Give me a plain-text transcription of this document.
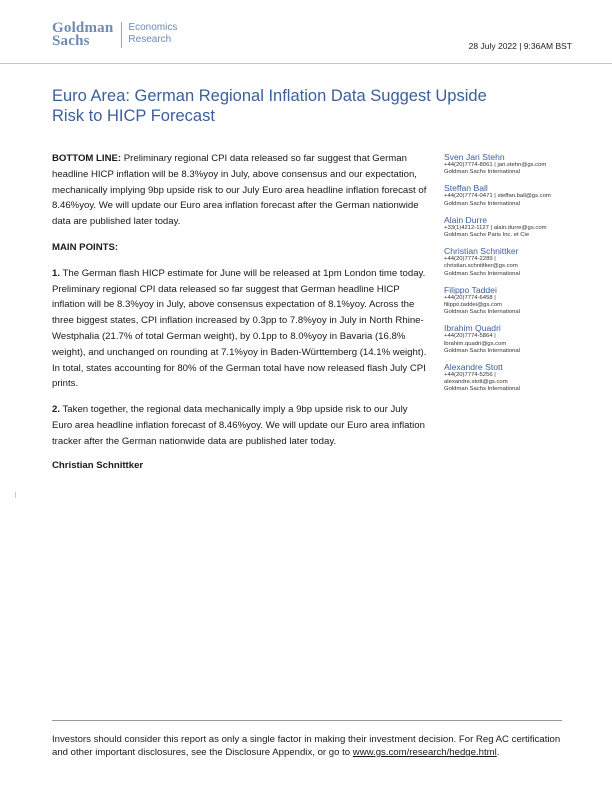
Goldman
Sachs
Economics
Research
28 July 2022 | 9:36AM BST
Euro Area: German Regional Inflation Data Suggest Upside Risk to HICP Forecast

BOTTOM LINE: Preliminary regional CPI data released so far suggest that German headline HICP inflation will be 8.3%yoy in July, above consensus and our expectation, mechanically implying 9bp upside risk to our July Euro area headline inflation forecast of 8.46%yoy. We will update our Euro area inflation forecast after the German nationwide data are published later today.

MAIN POINTS:

1. The German flash HICP estimate for June will be released at 1pm London time today. Preliminary regional CPI data released so far suggest that German headline HICP inflation will be 8.3%yoy in July, above consensus expectation of 8.1%yoy. Across the three biggest states, CPI inflation increased by 0.3pp to 7.8%yoy in July in North Rhine-Westphalia (21.7% of total German weight), by 0.1pp to 8.0%yoy in Bavaria (16.8% weight), and unchanged on rounding at 7.1%yoy in Baden-Württemberg (14.1% weight). In total, states accounting for 80% of the German total have now released flash July CPI prints.

2. Taken together, the regional data mechanically imply a 9bp upside risk to our July Euro area headline inflation forecast of 8.46%yoy. We will update our Euro area inflation tracker after the German nationwide data are published later today.

Christian Schnittker

Sven Jari Stehn
+44(20)7774-8061 | jari.stehn@gs.com
Goldman Sachs International
Steffan Ball
+44(20)7774-0471 | steffan.ball@gs.com
Goldman Sachs International
Alain Durre
+33(1)4212-1127 | alain.durre@gs.com
Goldman Sachs Paris Inc. et Cie
Christian Schnittker
+44(20)7774-2289 |
christian.schnittker@gs.com
Goldman Sachs International
Filippo Taddei
+44(20)7774-6458 |
filippo.taddei@gs.com
Goldman Sachs International
Ibrahim Quadri
+44(20)7774-5864 |
ibrahim.quadri@gs.com
Goldman Sachs International
Alexandre Stott
+44(20)7774-5256 |
alexandre.stott@gs.com
Goldman Sachs International

Investors should consider this report as only a single factor in making their investment decision. For Reg AC certification and other important disclosures, see the Disclosure Appendix, or go to www.gs.com/research/hedge.html.
